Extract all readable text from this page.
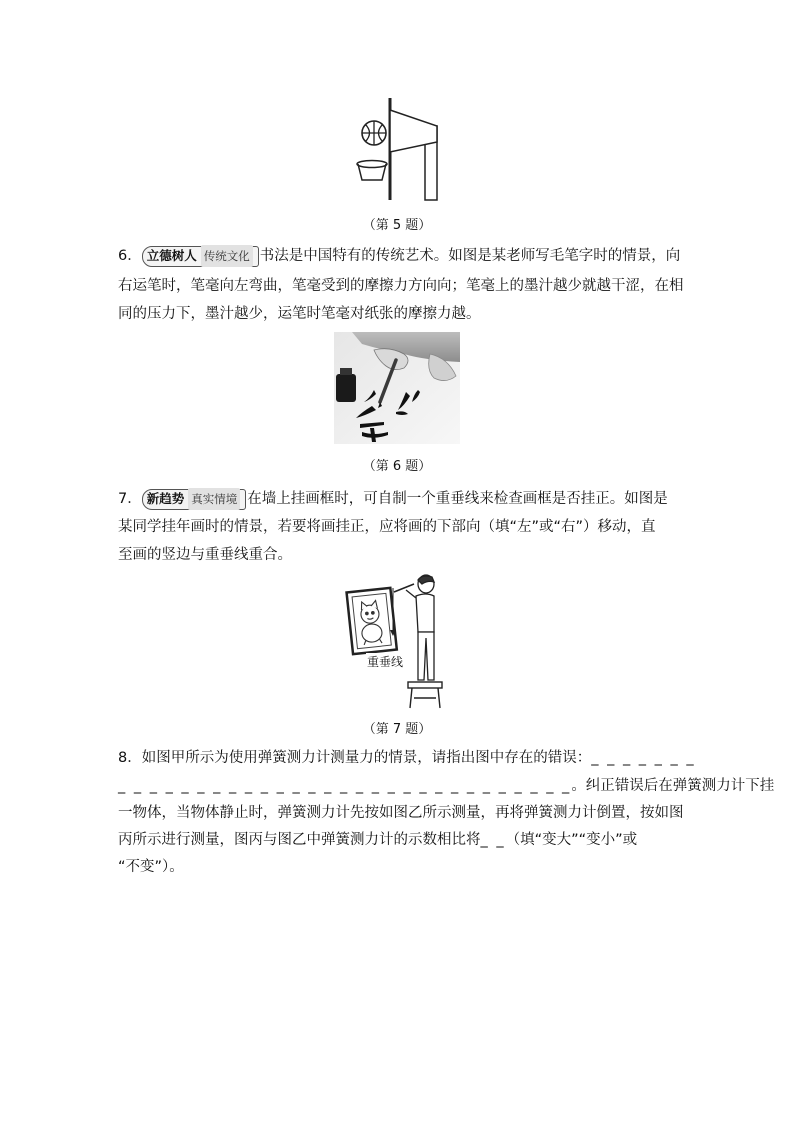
（第 5 题）
6． 立德树人 传统文化 书法是中国特有的传统艺术。如图是某老师写毛笔字时的情景，向
右运笔时，笔毫向左弯曲，笔毫受到的摩擦力方向向；笔毫上的墨汁越少就越干涩，在相
同的压力下，墨汁越少，运笔时笔毫对纸张的摩擦力越。
（第 6 题）
7． 新趋势 真实情境 在墙上挂画框时，可自制一个重垂线来检查画框是否挂正。如图是
某同学挂年画时的情景，若要将画挂正，应将画的下部向（填“左”或“右”）移动，直
至画的竖边与重垂线重合。
重垂线
（第 7 题）
8．如图甲所示为使用弹簧测力计测量力的情景，请指出图中存在的错误：_ _ _ _ _ _ _
_ _ _ _ _ _ _ _ _ _ _ _ _ _ _ _ _ _ _ _ _ _ _ _ _ _ _ _ _。纠正错误后在弹簧测力计下挂
一物体，当物体静止时，弹簧测力计先按如图乙所示测量，再将弹簧测力计倒置，按如图
丙所示进行测量，图丙与图乙中弹簧测力计的示数相比将_ _（填“变大”“变小”或
“不变”）。
